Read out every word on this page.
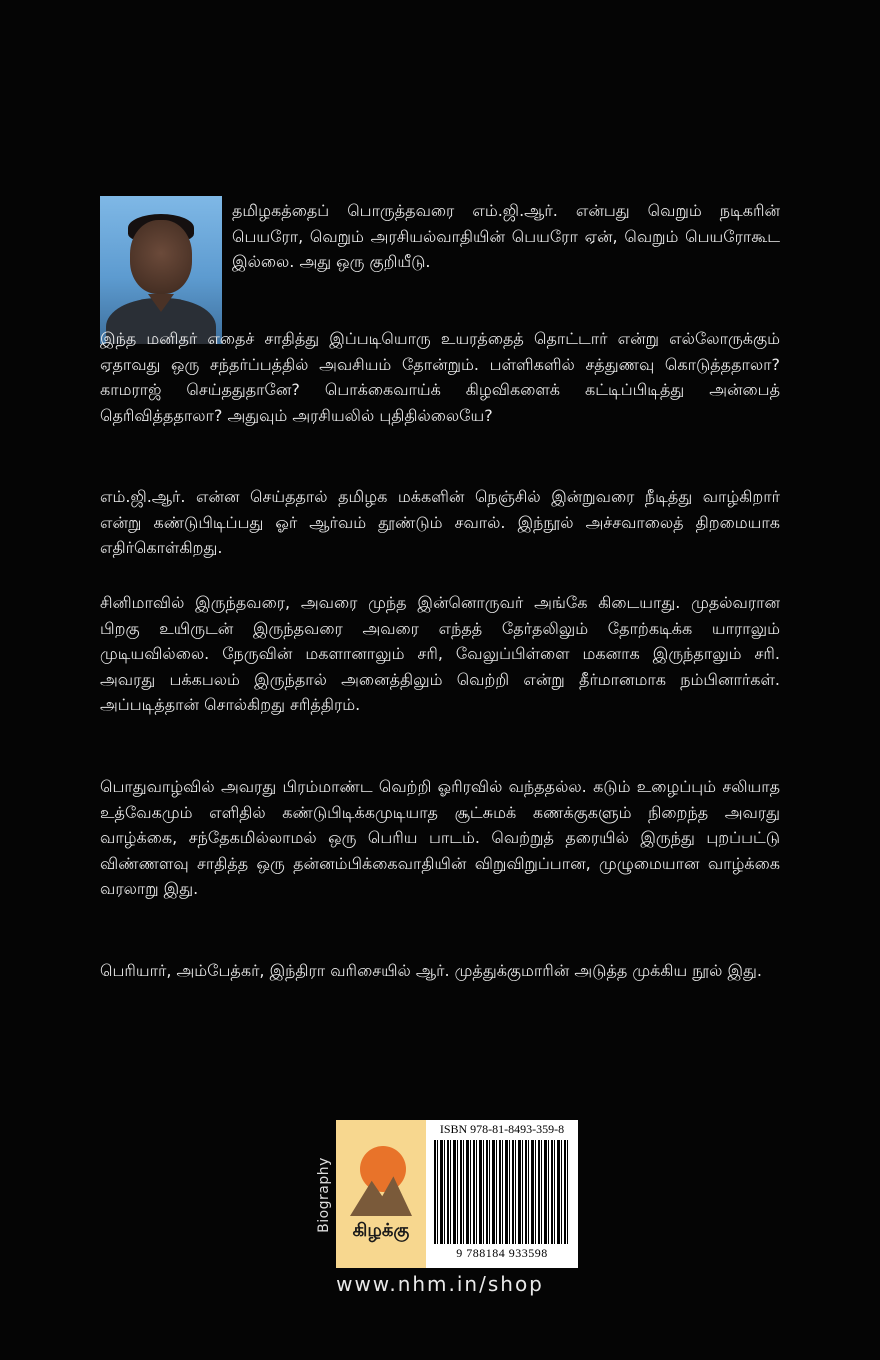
தமிழகத்தைப் பொருத்தவரை எம்.ஜி.ஆர். என்பது வெறும் நடிகரின் பெயரோ, வெறும் அரசியல்வாதியின் பெயரோ ஏன், வெறும் பெயரோகூட இல்லை. அது ஒரு குறியீடு.
இந்த மனிதர் எதைச் சாதித்து இப்படியொரு உயரத்தைத் தொட்டார் என்று எல்லோருக்கும் ஏதாவது ஒரு சந்தர்ப்பத்தில் அவசியம் தோன்றும். பள்ளிகளில் சத்துணவு கொடுத்ததாலா? காமராஜ் செய்ததுதானே? பொக்கைவாய்க் கிழவிகளைக் கட்டிப்பிடித்து அன்பைத் தெரிவித்ததாலா? அதுவும் அரசியலில் புதிதில்லையே?
எம்.ஜி.ஆர். என்ன செய்ததால் தமிழக மக்களின் நெஞ்சில் இன்றுவரை நீடித்து வாழ்கிறார் என்று கண்டுபிடிப்பது ஓர் ஆர்வம் தூண்டும் சவால். இந்நூல் அச்சவாலைத் திறமையாக எதிர்கொள்கிறது.
சினிமாவில் இருந்தவரை, அவரை முந்த இன்னொருவர் அங்கே கிடையாது. முதல்வரான பிறகு உயிருடன் இருந்தவரை அவரை எந்தத் தேர்தலிலும் தோற்கடிக்க யாராலும் முடியவில்லை. நேருவின் மகளானாலும் சரி, வேலுப்பிள்ளை மகனாக இருந்தாலும் சரி. அவரது பக்கபலம் இருந்தால் அனைத்திலும் வெற்றி என்று தீர்மானமாக நம்பினார்கள். அப்படித்தான் சொல்கிறது சரித்திரம்.
பொதுவாழ்வில் அவரது பிரம்மாண்ட வெற்றி ஓரிரவில் வந்ததல்ல. கடும் உழைப்பும் சலியாத உத்வேகமும் எளிதில் கண்டுபிடிக்கமுடியாத சூட்சுமக் கணக்குகளும் நிறைந்த அவரது வாழ்க்கை, சந்தேகமில்லாமல் ஒரு பெரிய பாடம். வெற்றுத் தரையில் இருந்து புறப்பட்டு விண்ணளவு சாதித்த ஒரு தன்னம்பிக்கைவாதியின் விறுவிறுப்பான, முழுமையான வாழ்க்கை வரலாறு இது.
பெரியார், அம்பேத்கர், இந்திரா வரிசையில் ஆர். முத்துக்குமாரின் அடுத்த முக்கிய நூல் இது.
Biography	கிழக்கு
ISBN 978-81-8493-359-8
9 788184 933598
www.nhm.in/shop
